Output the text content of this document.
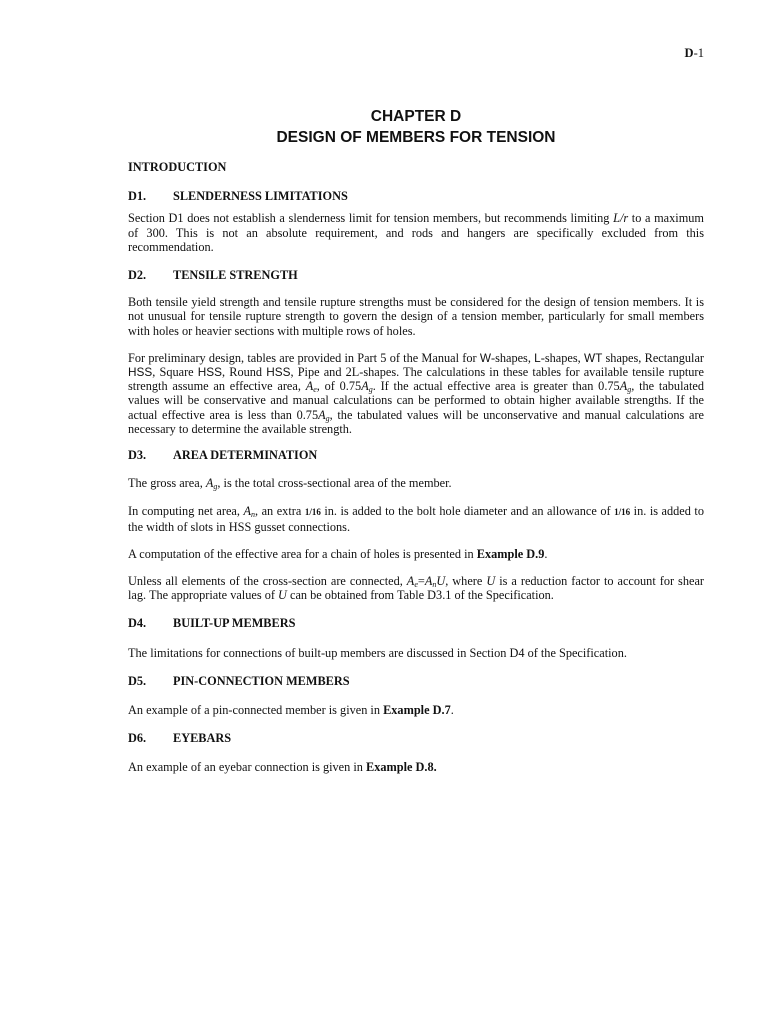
D-1
CHAPTER D
DESIGN OF MEMBERS FOR TENSION
INTRODUCTION
D1.	SLENDERNESS LIMITATIONS

Section D1 does not establish a slenderness limit for tension members, but recommends limiting L/r to a maximum of 300. This is not an absolute requirement, and rods and hangers are specifically excluded from this recommendation.

D2.	TENSILE STRENGTH

Both tensile yield strength and tensile rupture strengths must be considered for the design of tension members. It is not unusual for tensile rupture strength to govern the design of a tension member, particularly for small members with holes or heavier sections with multiple rows of holes.

For preliminary design, tables are provided in Part 5 of the Manual for W-shapes, L-shapes, WT shapes, Rectangular HSS, Square HSS, Round HSS, Pipe and 2L-shapes. The calculations in these tables for available tensile rupture strength assume an effective area, $A_e$, of $0.75A_g$. If the actual effective area is greater than $0.75A_g$, the tabulated values will be conservative and manual calculations can be performed to obtain higher available strengths. If the actual effective area is less than $0.75A_g$, the tabulated values will be unconservative and manual calculations are necessary to determine the available strength.

D3.	AREA DETERMINATION

The gross area, $A_g$, is the total cross-sectional area of the member.

In computing net area, $A_n$, an extra 1/16 in. is added to the bolt hole diameter and an allowance of 1/16 in. is added to the width of slots in HSS gusset connections.

A computation of the effective area for a chain of holes is presented in Example D.9.

Unless all elements of the cross-section are connected, $A_e=A_nU$, where U is a reduction factor to account for shear lag. The appropriate values of U can be obtained from Table D3.1 of the Specification.

D4.	BUILT-UP MEMBERS

The limitations for connections of built-up members are discussed in Section D4 of the Specification.

D5.	PIN-CONNECTION MEMBERS

An example of a pin-connected member is given in Example D.7.

D6.	EYEBARS

An example of an eyebar connection is given in Example D.8.
